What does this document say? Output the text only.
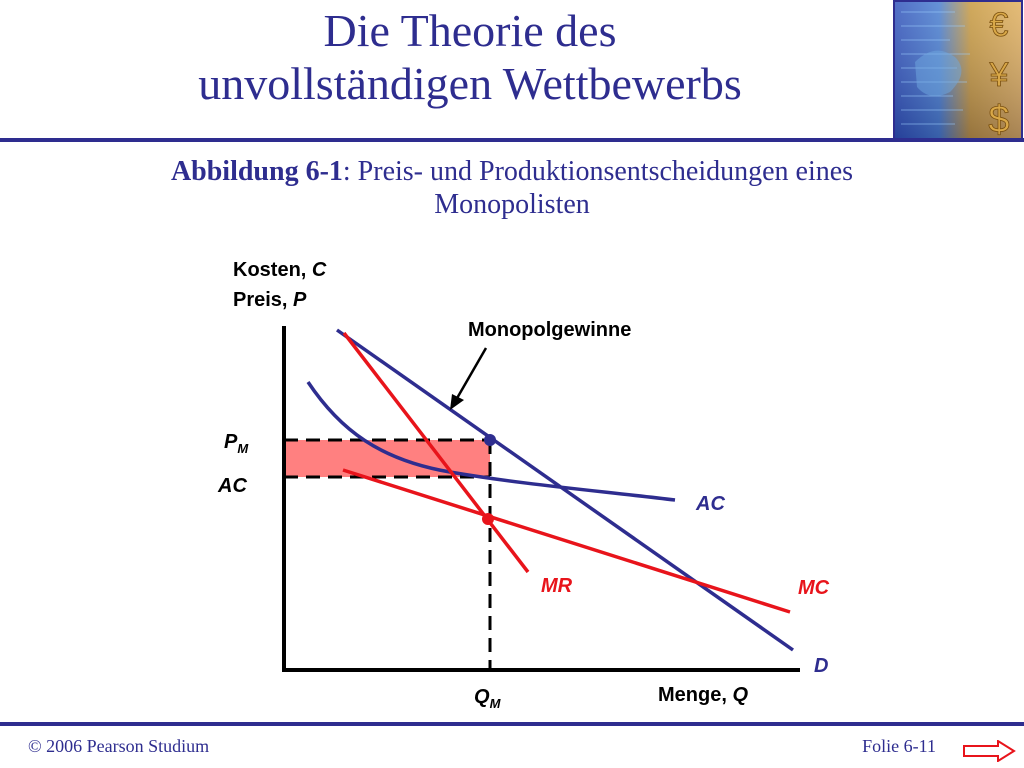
Die Theorie des
unvollständigen Wettbewerbs
€
¥
$
Abbildung 6-1: Preis- und Produktionsentscheidungen eines
Monopolisten
Kosten, C
Preis, P
Monopolgewinne
$P_M$
AC
$Q_M$	Menge, Q
AC
MR	MC
D
© 2006 Pearson Studium	Folie 6-11
